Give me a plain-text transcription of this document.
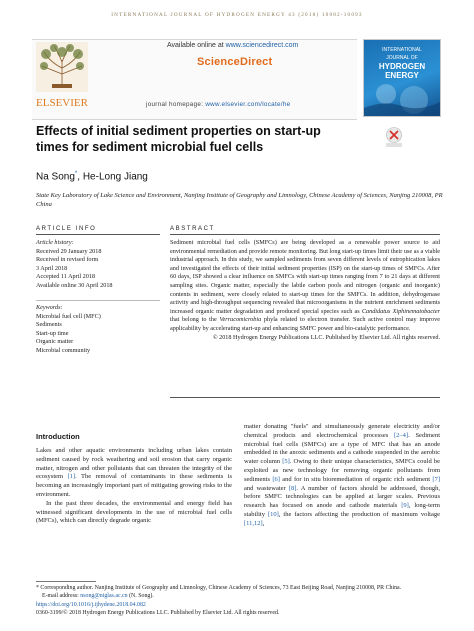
INTERNATIONAL JOURNAL OF HYDROGEN ENERGY 43 (2018) 10082-10093
ELSEVIER
Available online at www.sciencedirect.com
ScienceDirect
journal homepage: www.elsevier.com/locate/he
INTERNATIONAL JOURNAL OF
HYDROGEN
ENERGY
Effects of initial sediment properties on start-up times for sediment microbial fuel cells
Na Song*, He-Long Jiang
State Key Laboratory of Lake Science and Environment, Nanjing Institute of Geography and Limnology, Chinese Academy of Sciences, Nanjing 210008, PR China
ARTICLE INFO
Article history:
Received 29 January 2018
Received in revised form
3 April 2018
Accepted 11 April 2018
Available online 30 April 2018
Keywords:
Microbial fuel cell (MFC)
Sediments
Start-up time
Organic matter
Microbial community
ABSTRACT
Sediment microbial fuel cells (SMFCs) are being developed as a renewable power source to aid environmental remediation and provide remote monitoring. But long start-up times limit their use as a viable industrial approach. In this study, we sampled sediments from seven different levels of eutrophication lakes and investigated the effects of their initial sediment properties (ISP) on the start-up times of SMFCs. After 60 days, ISP showed a clear influence on SMFCs with start-up times ranging from 7 to 21 days at different sampling sites. Organic matter, especially the labile carbon pools and nitrogen (organic and inorganic) contents in sediment, were closely related to start-up times for the SMFCs. In addition, dehydrogenase activity and high-throughput sequencing revealed that microorganisms in the nutrient enrichment sediments increased organic matter degradation and produced special species such as Candidatus Xiphinematobacter that belong to the Verrucomicrobia phyla related to electron transfer. Such active control may improve applicability by accelerating start-up and enhancing SMFC power and bio-catalytic performance.
© 2018 Hydrogen Energy Publications LLC. Published by Elsevier Ltd. All rights reserved.
Introduction
Lakes and other aquatic environments including urban lakes contain sediment caused by rock weathering and soil erosion that carry organic matter, nitrogen and other pollutants that can threaten the integrity of the ecosystem [1]. The removal of contaminants in these sediments is becoming an increasingly important part of mitigating growing risks to the environment.
In the past three decades, the environmental and energy field has witnessed significant developments in the use of microbial fuel cells (MFCs), which can directly degrade organic
matter donating "fuels" and simultaneously generate electricity and/or chemical products and electrochemical processes [2–4]. Sediment microbial fuel cells (SMFCs) are a type of MFC that has an anode embedded in the anoxic sediments and a cathode suspended in the aerobic water column [5]. Owing to their unique characteristics, SMFCs could be exploited as new technology for removing organic pollutants from sediments [6] and for in situ bioremediation of organic rich sediment [7] and wastewater [8]. A number of factors should be addressed, though, before SMFC technologies can be applied at larger scales. Previous research has focused on anode and cathode materials [9], long-term stability [10], the factors affecting the production of maximum voltage [11,12],
* Corresponding author. Nanjing Institute of Geography and Limnology, Chinese Academy of Sciences, 73 East Beijing Road, Nanjing 210008, PR China.
E-mail address: nsong@niglas.ac.cn (N. Song).
https://doi.org/10.1016/j.ijhydene.2018.04.082
0360-3199/© 2018 Hydrogen Energy Publications LLC. Published by Elsevier Ltd. All rights reserved.
